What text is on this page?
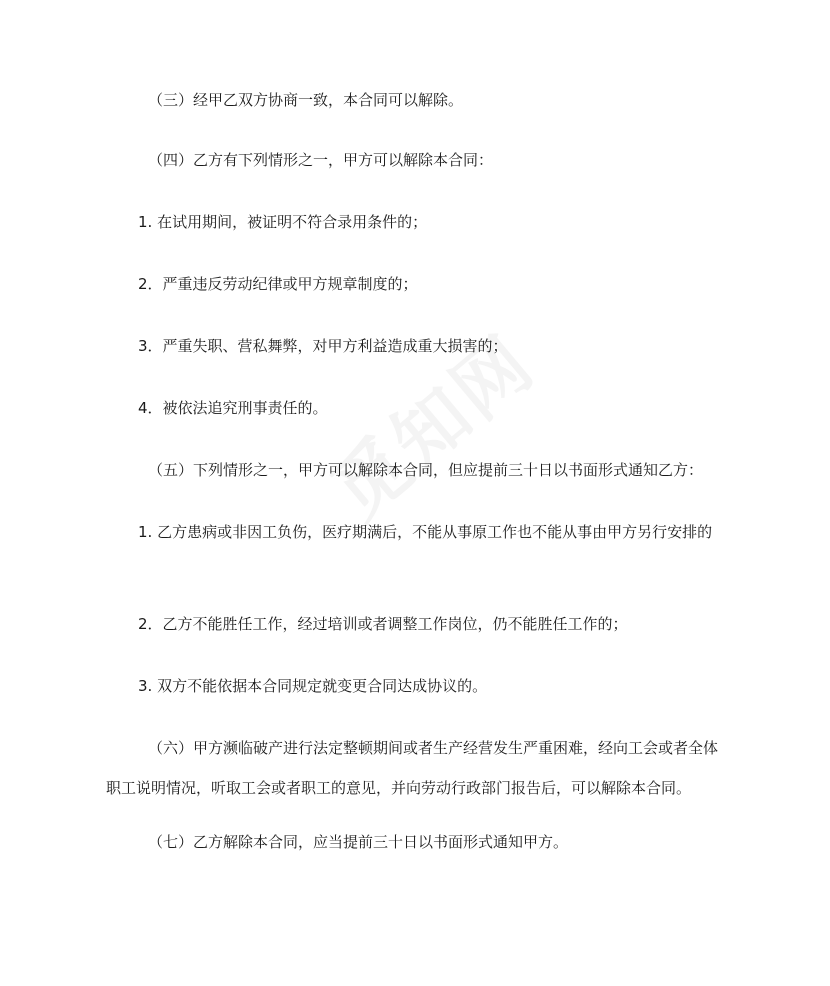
（三）经甲乙双方协商一致，本合同可以解除。

（四）乙方有下列情形之一，甲方可以解除本合同：

1. 在试用期间，被证明不符合录用条件的；

2．严重违反劳动纪律或甲方规章制度的；

3．严重失职、营私舞弊，对甲方利益造成重大损害的；

4．被依法追究刑事责任的。

（五）下列情形之一，甲方可以解除本合同，但应提前三十日以书面形式通知乙方：

1. 乙方患病或非因工负伤，医疗期满后，不能从事原工作也不能从事由甲方另行安排的

2．乙方不能胜任工作，经过培训或者调整工作岗位，仍不能胜任工作的；

3. 双方不能依据本合同规定就变更合同达成协议的。

（六）甲方濒临破产进行法定整顿期间或者生产经营发生严重困难，经向工会或者全体职工说明情况，听取工会或者职工的意见，并向劳动行政部门报告后，可以解除本合同。

（七）乙方解除本合同，应当提前三十日以书面形式通知甲方。
